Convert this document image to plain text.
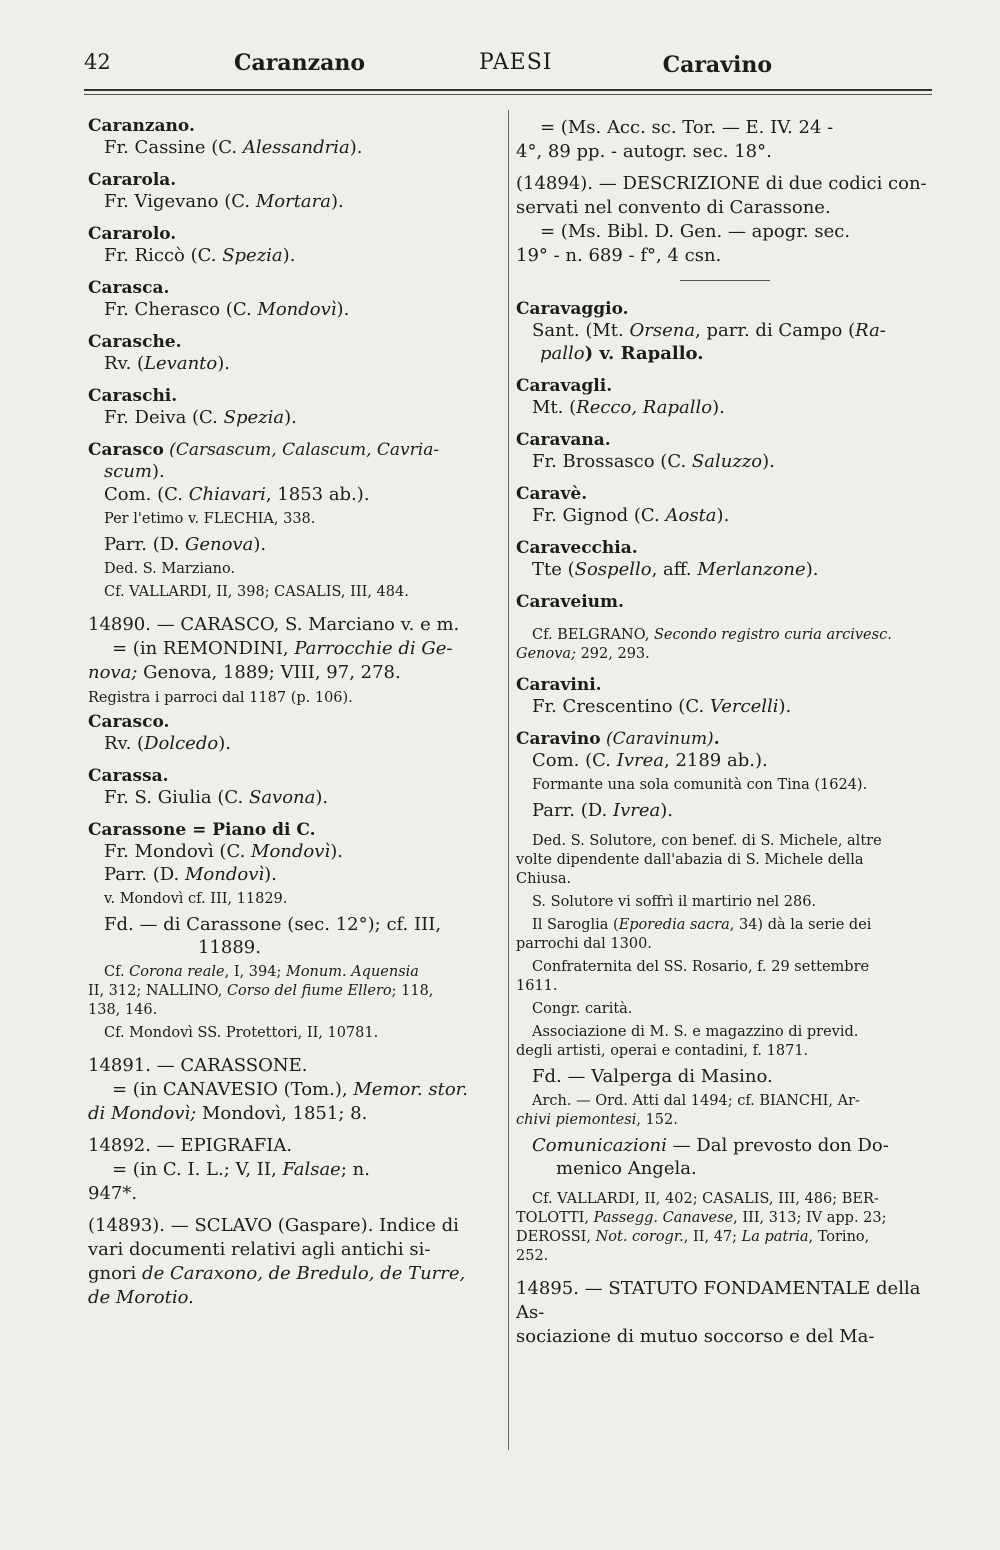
42	Caranzano	PAESI	Caravino
Caranzano.
Fr. Cassine (C. Alessandria).
Cararola.
Fr. Vigevano (C. Mortara).
Cararolo.
Fr. Riccò (C. Spezia).
Carasca.
Fr. Cherasco (C. Mondovì).
Carasche.
Rv. (Levanto).
Caraschi.
Fr. Deiva (C. Spezia).
Carasco (Carsascum, Calascum, Cavria-
scum).
Com. (C. Chiavari, 1853 ab.).
Per l'etimo v. FLECHIA, 338.
Parr. (D. Genova).
Ded. S. Marziano.
Cf. VALLARDI, II, 398; CASALIS, III, 484.
14890. — CARASCO, S. Marciano v. e m.
= (in REMONDINI, Parrocchie di Ge-
nova; Genova, 1889; VIII, 97, 278.
Registra i parroci dal 1187 (p. 106).
Carasco.
Rv. (Dolcedo).
Carassa.
Fr. S. Giulia (C. Savona).
Carassone = Piano di C.
Fr. Mondovì (C. Mondovì).
Parr. (D. Mondovì).
v. Mondovì cf. III, 11829.
Fd. — di Carassone (sec. 12°); cf. III,
11889.
Cf. Corona reale, I, 394; Monum. Aquensia
II, 312; NALLINO, Corso del fiume Ellero; 118,
138, 146.
Cf. Mondovì SS. Protettori, II, 10781.
14891. — CARASSONE.
= (in CANAVESIO (Tom.), Memor. stor.
di Mondovì; Mondovì, 1851; 8.
14892. — EPIGRAFIA.
= (in C. I. L.; V, II, Falsae; n.
947*.
(14893). — SCLAVO (Gaspare). Indice di
vari documenti relativi agli antichi si-
gnori de Caraxono, de Bredulo, de Turre,
de Morotio.
= (Ms. Acc. sc. Tor. — E. IV. 24 -
4°, 89 pp. - autogr. sec. 18°.
(14894). — DESCRIZIONE di due codici con-
servati nel convento di Carassone.
= (Ms. Bibl. D. Gen. — apogr. sec.
19° - n. 689 - f°, 4 csn.
Caravaggio.
Sant. (Mt. Orsena, parr. di Campo (Ra-
pallo) v. Rapallo.
Caravagli.
Mt. (Recco, Rapallo).
Caravana.
Fr. Brossasco (C. Saluzzo).
Caravè.
Fr. Gignod (C. Aosta).
Caravecchia.
Tte (Sospello, aff. Merlanzone).
Caraveium.
Cf. BELGRANO, Secondo registro curia arcivesc.
Genova; 292, 293.
Caravini.
Fr. Crescentino (C. Vercelli).
Caravino (Caravinum).
Com. (C. Ivrea, 2189 ab.).
Formante una sola comunità con Tina (1624).
Parr. (D. Ivrea).
Ded. S. Solutore, con benef. di S. Michele, altre
volte dipendente dall'abazia di S. Michele della
Chiusa.
S. Solutore vi soffrì il martirio nel 286.
Il Saroglia (Eporedia sacra, 34) dà la serie dei
parrochi dal 1300.
Confraternita del SS. Rosario, f. 29 settembre
1611.
Congr. carità.
Associazione di M. S. e magazzino di previd.
degli artisti, operai e contadini, f. 1871.
Fd. — Valperga di Masino.
Arch. — Ord. Atti dal 1494; cf. BIANCHI, Ar-
chivi piemontesi, 152.
Comunicazioni — Dal prevosto don Do-
menico Angela.
Cf. VALLARDI, II, 402; CASALIS, III, 486; BER-
TOLOTTI, Passegg. Canavese, III, 313; IV app. 23;
DEROSSI, Not. corogr., II, 47; La patria, Torino,
252.
14895. — STATUTO FONDAMENTALE della As-
sociazione di mutuo soccorso e del Ma-
